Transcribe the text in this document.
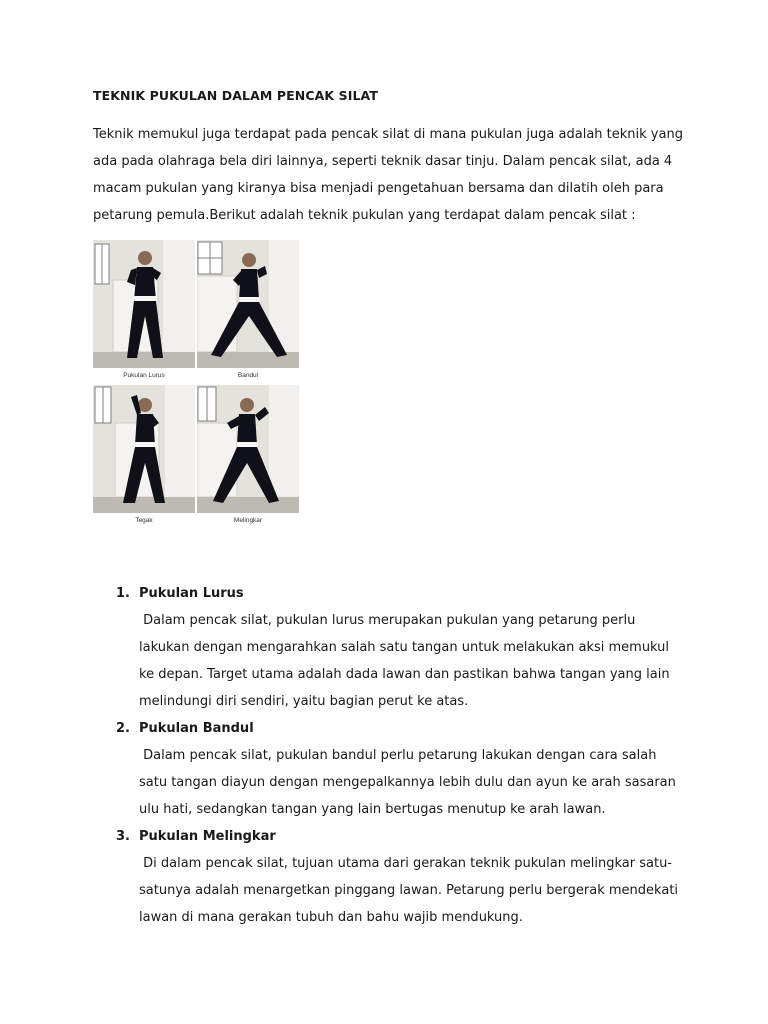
TEKNIK PUKULAN DALAM PENCAK SILAT
Teknik memukul juga terdapat pada pencak silat di mana pukulan juga adalah teknik yang ada pada olahraga bela diri lainnya, seperti teknik dasar tinju. Dalam pencak silat, ada 4 macam pukulan yang kiranya bisa menjadi pengetahuan bersama dan dilatih oleh para petarung pemula.Berikut adalah teknik pukulan yang terdapat dalam pencak silat :
Pukulan Lurus	Bandul
Tegak	Melingkar
1. Pukulan Lurus
Dalam pencak silat, pukulan lurus merupakan pukulan yang petarung perlu lakukan dengan mengarahkan salah satu tangan untuk melakukan aksi memukul ke depan. Target utama adalah dada lawan dan pastikan bahwa tangan yang lain melindungi diri sendiri, yaitu bagian perut ke atas.
2. Pukulan Bandul
Dalam pencak silat, pukulan bandul perlu petarung lakukan dengan cara salah satu tangan diayun dengan mengepalkannya lebih dulu dan ayun ke arah sasaran ulu hati, sedangkan tangan yang lain bertugas menutup ke arah lawan.
3. Pukulan Melingkar
Di dalam pencak silat, tujuan utama dari gerakan teknik pukulan melingkar satu-satunya adalah menargetkan pinggang lawan. Petarung perlu bergerak mendekati lawan di mana gerakan tubuh dan bahu wajib mendukung.
